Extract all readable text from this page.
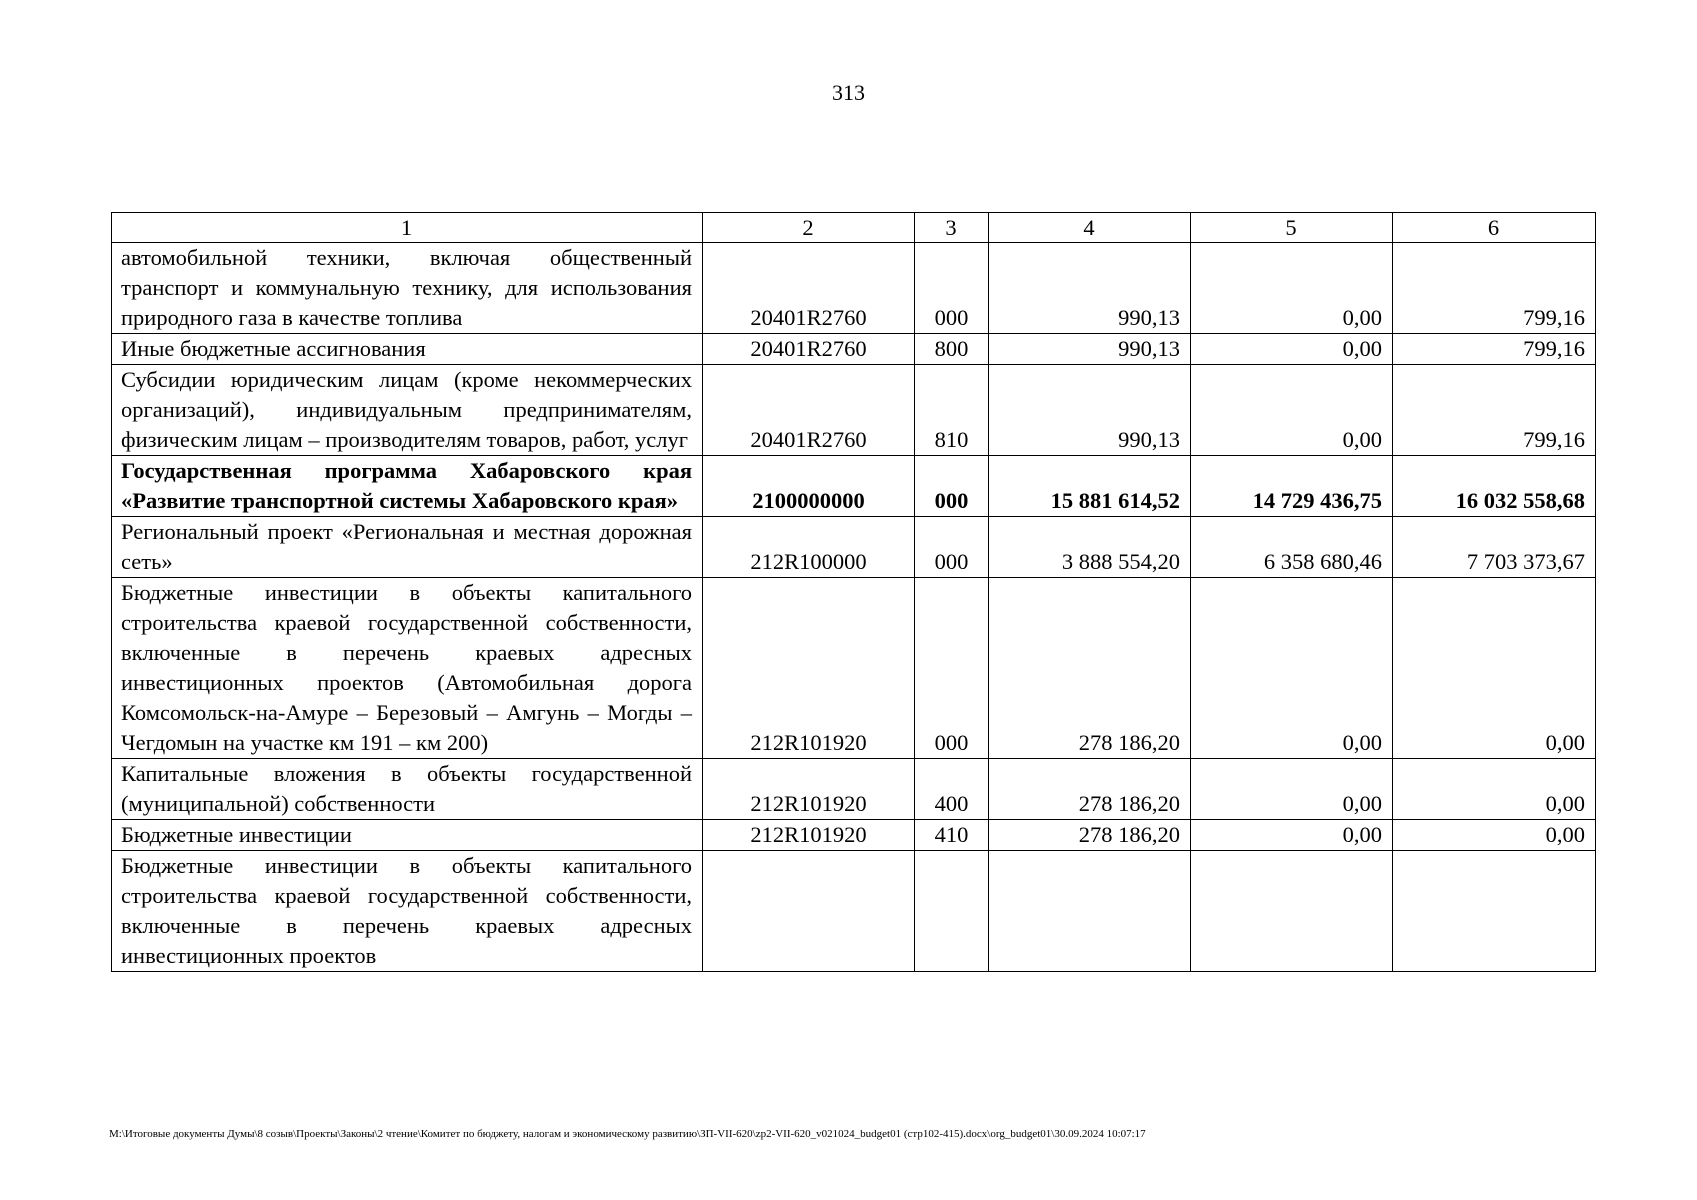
313
1	2	3	4	5	6
автомобильной техники, включая общественный транспорт и коммунальную технику, для использования природного газа в качестве топлива	20401R2760	000	990,13	0,00	799,16
Иные бюджетные ассигнования	20401R2760	800	990,13	0,00	799,16
Субсидии юридическим лицам (кроме некоммерческих организаций), индивидуальным предпринимателям, физическим лицам – производителям товаров, работ, услуг	20401R2760	810	990,13	0,00	799,16
Государственная программа Хабаровского края «Развитие транспортной системы Хабаровского края»	2100000000	000	15 881 614,52	14 729 436,75	16 032 558,68
Региональный проект «Региональная и местная дорожная сеть»	212R100000	000	3 888 554,20	6 358 680,46	7 703 373,67
Бюджетные инвестиции в объекты капитального строительства краевой государственной собственности, включенные в перечень краевых адресных инвестиционных проектов (Автомобильная дорога Комсомольск-на-Амуре – Березовый – Амгунь – Могды – Чегдомын на участке км 191 – км 200)	212R101920	000	278 186,20	0,00	0,00
Капитальные вложения в объекты государственной (муниципальной) собственности	212R101920	400	278 186,20	0,00	0,00
Бюджетные инвестиции	212R101920	410	278 186,20	0,00	0,00
Бюджетные инвестиции в объекты капитального строительства краевой государственной собственности, включенные в перечень краевых адресных инвестиционных проектов					
M:\Итоговые документы Думы\8 созыв\Проекты\Законы\2 чтение\Комитет по бюджету, налогам и экономическому развитию\ЗП-VII-620\zp2-VII-620_v021024_budget01 (стр102-415).docx\org_budget01\30.09.2024 10:07:17
